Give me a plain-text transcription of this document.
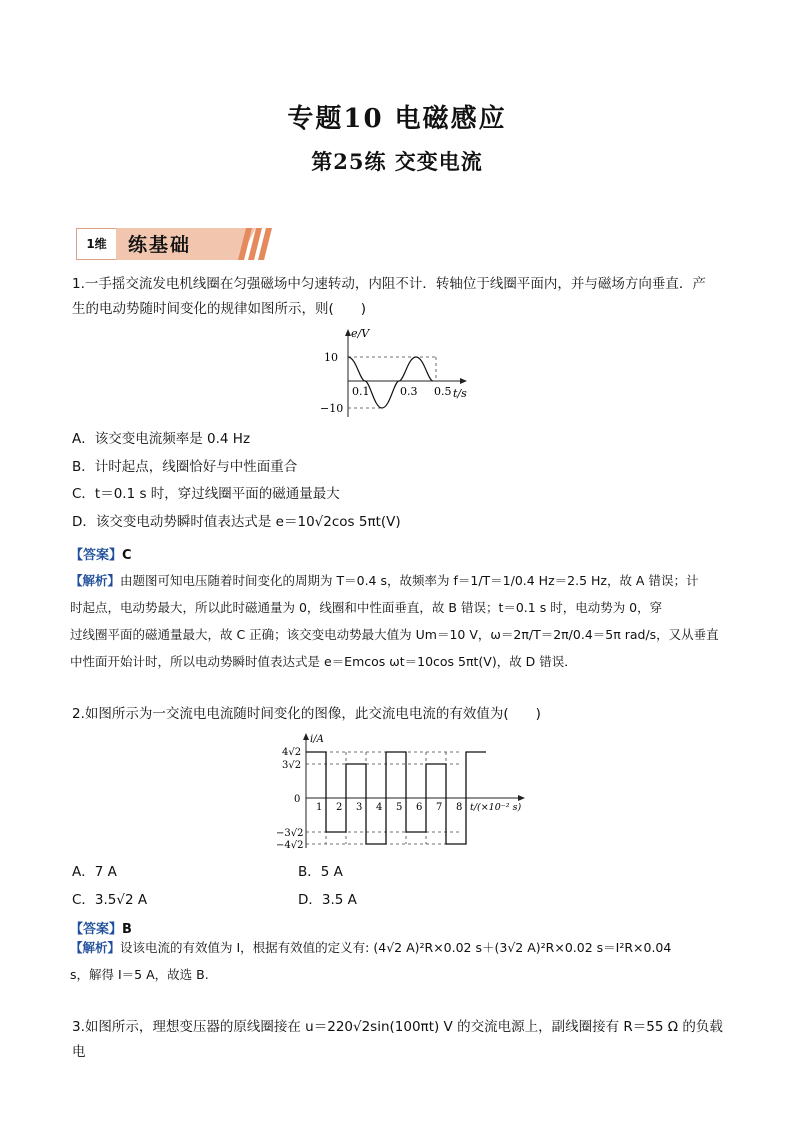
专题10 电磁感应
第25练 交变电流
1维	练基础
1.一手摇交流发电机线圈在匀强磁场中匀速转动，内阻不计．转轴位于线圈平面内，并与磁场方向垂直．产
生的电动势随时间变化的规律如图所示，则(　　)
10
−10
e/V
t/s
0.1	0.3 0.5
A．该交变电流频率是 0.4 Hz
B．计时起点，线圈恰好与中性面重合
C．t＝0.1 s 时，穿过线圈平面的磁通量最大
D．该交变电动势瞬时值表达式是 e＝10√2cos 5πt(V)
【答案】C
【解析】由题图可知电压随着时间变化的周期为 T＝0.4 s，故频率为 f＝1/T＝1/0.4 Hz＝2.5 Hz，故 A 错误；计
时起点，电动势最大，所以此时磁通量为 0，线圈和中性面垂直，故 B 错误；t＝0.1 s 时，电动势为 0，穿
过线圈平面的磁通量最大，故 C 正确；该交变电动势最大值为 Um＝10 V，ω＝2π/T＝2π/0.4＝5π rad/s，又从垂直
中性面开始计时，所以电动势瞬时值表达式是 e＝Emcos ωt＝10cos 5πt(V)，故 D 错误．
2.如图所示为一交流电电流随时间变化的图像，此交流电电流的有效值为(　　)
4√2
3√2
0
−3√2
−4√2
i/A
t/(×10⁻² s)
1 2 3 4 5 6 7 8
A．7 A	B．5 A
C．3.5√2 A	D．3.5 A
【答案】B
【解析】设该电流的有效值为 I，根据有效值的定义有: (4√2 A)²R×0.02 s＋(3√2 A)²R×0.02 s＝I²R×0.04
s，解得 I＝5 A，故选 B.
3.如图所示，理想变压器的原线圈接在 u＝220√2sin(100πt) V 的交流电源上，副线圈接有 R＝55 Ω 的负载电
